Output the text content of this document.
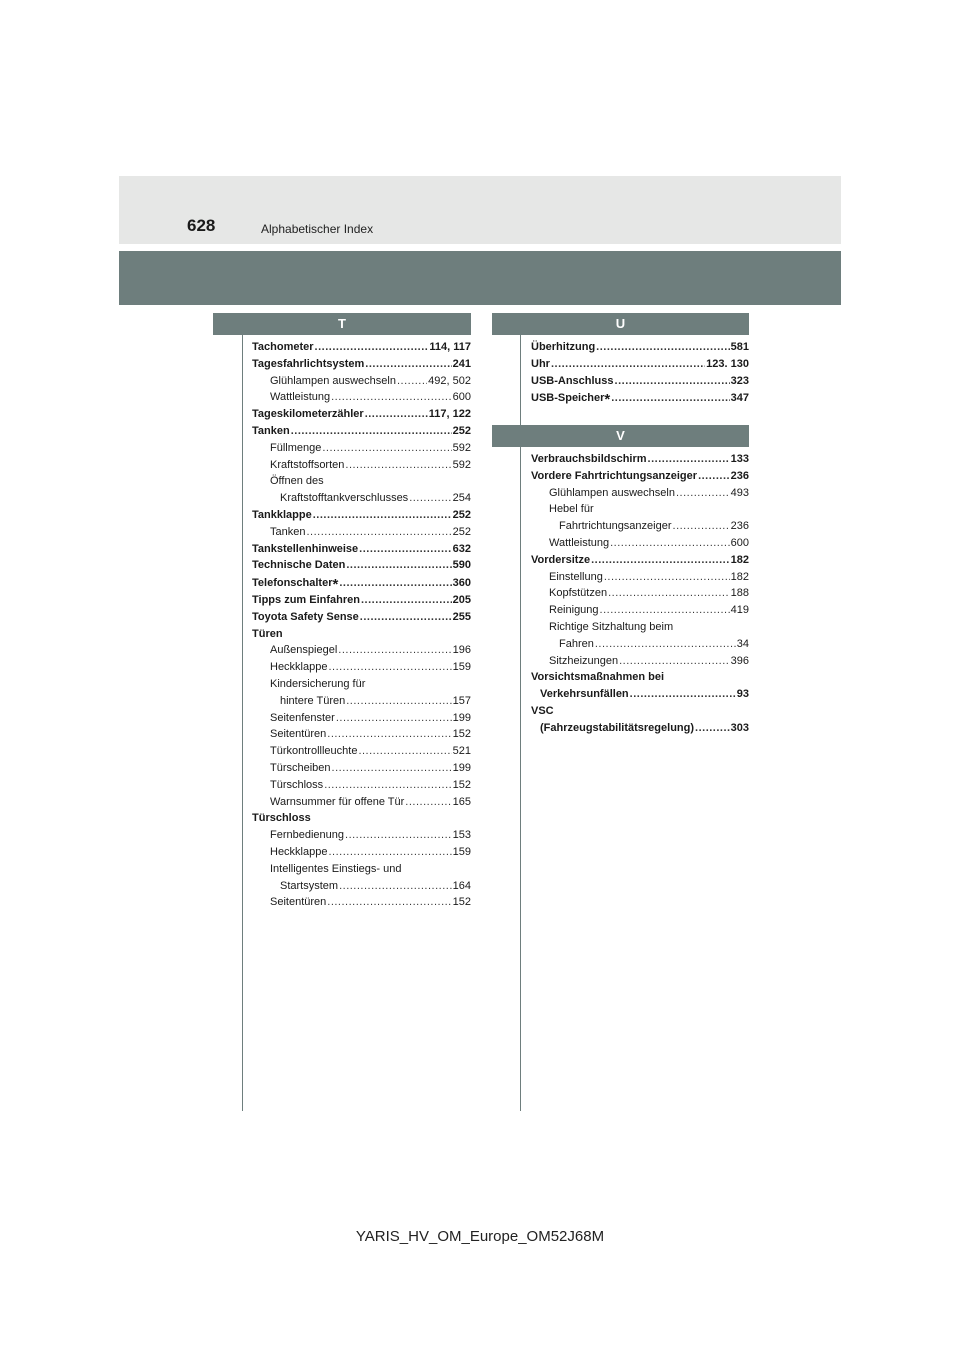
628	Alphabetischer Index
T
Tachometer .....	114, 117
Tagesfahrlichtsystem .....	241
Glühlampen auswechseln .....	492, 502
Wattleistung .....	600
Tageskilometerzähler .....	117, 122
Tanken .....	252
Füllmenge .....	592
Kraftstoffsorten .....	592
Öffnen des
Kraftstofftankverschlusses .....	254
Tankklappe .....	252
Tanken .....	252
Tankstellenhinweise .....	632
Technische Daten .....	590
Telefonschalter * .....	360
Tipps zum Einfahren .....	205
Toyota Safety Sense .....	255
Türen
Außenspiegel .....	196
Heckklappe .....	159
Kindersicherung für
hintere Türen .....	157
Seitenfenster .....	199
Seitentüren .....	152
Türkontrollleuchte .....	521
Türscheiben .....	199
Türschloss .....	152
Warnsummer für offene Tür .....	165
Türschloss
Fernbedienung .....	153
Heckklappe .....	159
Intelligentes Einstiegs- und
Startsystem .....	164
Seitentüren .....	152
U
Überhitzung .....	581
Uhr .....	123. 130
USB-Anschluss .....	323
USB-Speicher * .....	347
V
Verbrauchsbildschirm .....	133
Vordere Fahrtrichtungsanzeiger .....	236
Glühlampen auswechseln .....	493
Hebel für
Fahrtrichtungsanzeiger .....	236
Wattleistung .....	600
Vordersitze .....	182
Einstellung .....	182
Kopfstützen .....	188
Reinigung .....	419
Richtige Sitzhaltung beim
Fahren .....	34
Sitzheizungen .....	396
Vorsichtsmaßnahmen bei
Verkehrsunfällen .....	93
VSC
(Fahrzeugstabilitätsregelung) .....	303
YARIS_HV_OM_Europe_OM52J68M
